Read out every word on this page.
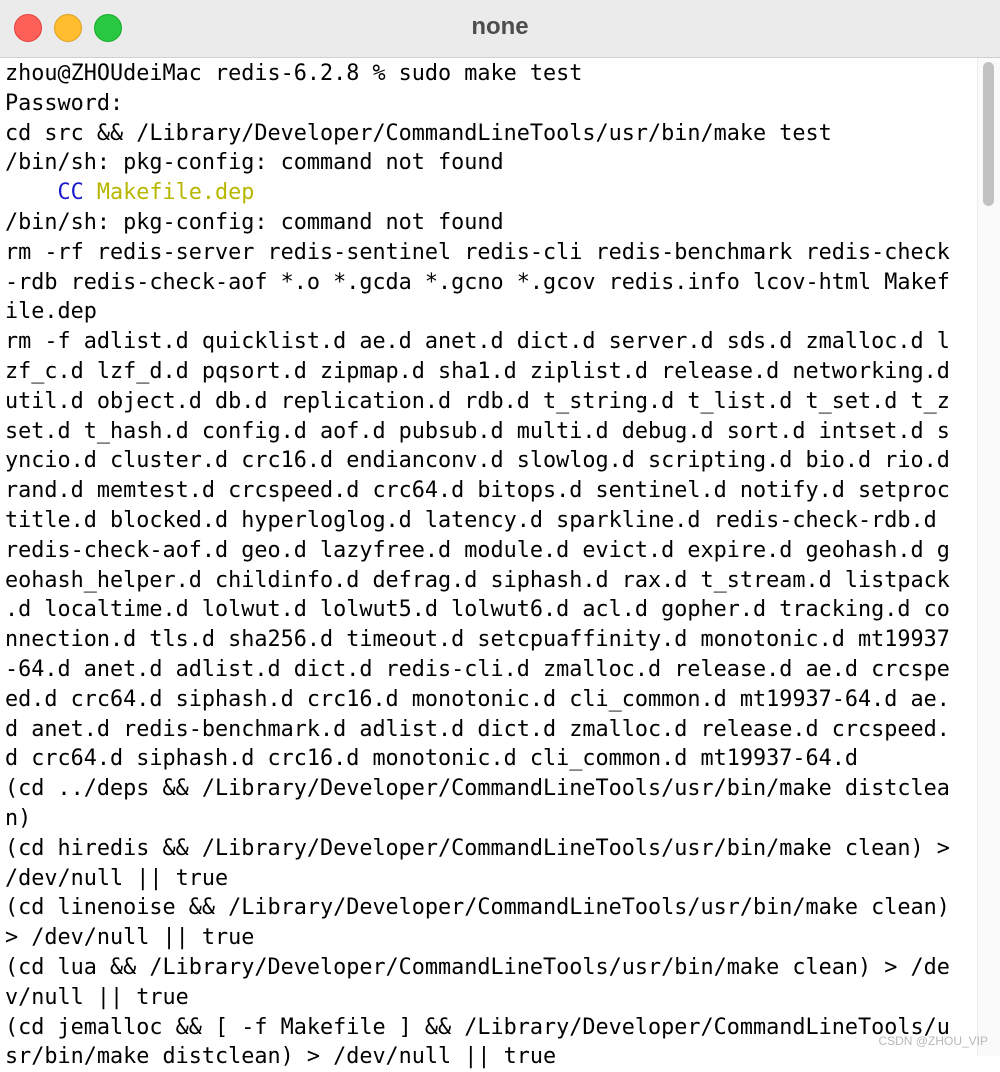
none
zhou@ZHOUdeiMac redis-6.2.8 % sudo make test
Password:
cd src && /Library/Developer/CommandLineTools/usr/bin/make test
/bin/sh: pkg-config: command not found
CC Makefile.dep
/bin/sh: pkg-config: command not found
rm -rf redis-server redis-sentinel redis-cli redis-benchmark redis-check
-rdb redis-check-aof *.o *.gcda *.gcno *.gcov redis.info lcov-html Makef
ile.dep
rm -f adlist.d quicklist.d ae.d anet.d dict.d server.d sds.d zmalloc.d l
zf_c.d lzf_d.d pqsort.d zipmap.d sha1.d ziplist.d release.d networking.d
util.d object.d db.d replication.d rdb.d t_string.d t_list.d t_set.d t_z
set.d t_hash.d config.d aof.d pubsub.d multi.d debug.d sort.d intset.d s
yncio.d cluster.d crc16.d endianconv.d slowlog.d scripting.d bio.d rio.d
rand.d memtest.d crcspeed.d crc64.d bitops.d sentinel.d notify.d setproc
title.d blocked.d hyperloglog.d latency.d sparkline.d redis-check-rdb.d
redis-check-aof.d geo.d lazyfree.d module.d evict.d expire.d geohash.d g
eohash_helper.d childinfo.d defrag.d siphash.d rax.d t_stream.d listpack
.d localtime.d lolwut.d lolwut5.d lolwut6.d acl.d gopher.d tracking.d co
nnection.d tls.d sha256.d timeout.d setcpuaffinity.d monotonic.d mt19937
-64.d anet.d adlist.d dict.d redis-cli.d zmalloc.d release.d ae.d crcspe
ed.d crc64.d siphash.d crc16.d monotonic.d cli_common.d mt19937-64.d ae.
d anet.d redis-benchmark.d adlist.d dict.d zmalloc.d release.d crcspeed.
d crc64.d siphash.d crc16.d monotonic.d cli_common.d mt19937-64.d
(cd ../deps && /Library/Developer/CommandLineTools/usr/bin/make distclea
n)
(cd hiredis && /Library/Developer/CommandLineTools/usr/bin/make clean) >
/dev/null || true
(cd linenoise && /Library/Developer/CommandLineTools/usr/bin/make clean)
> /dev/null || true
(cd lua && /Library/Developer/CommandLineTools/usr/bin/make clean) > /de
v/null || true
(cd jemalloc && [ -f Makefile ] && /Library/Developer/CommandLineTools/u
sr/bin/make distclean) > /dev/null || true
CSDN @ZHOU_VIP
